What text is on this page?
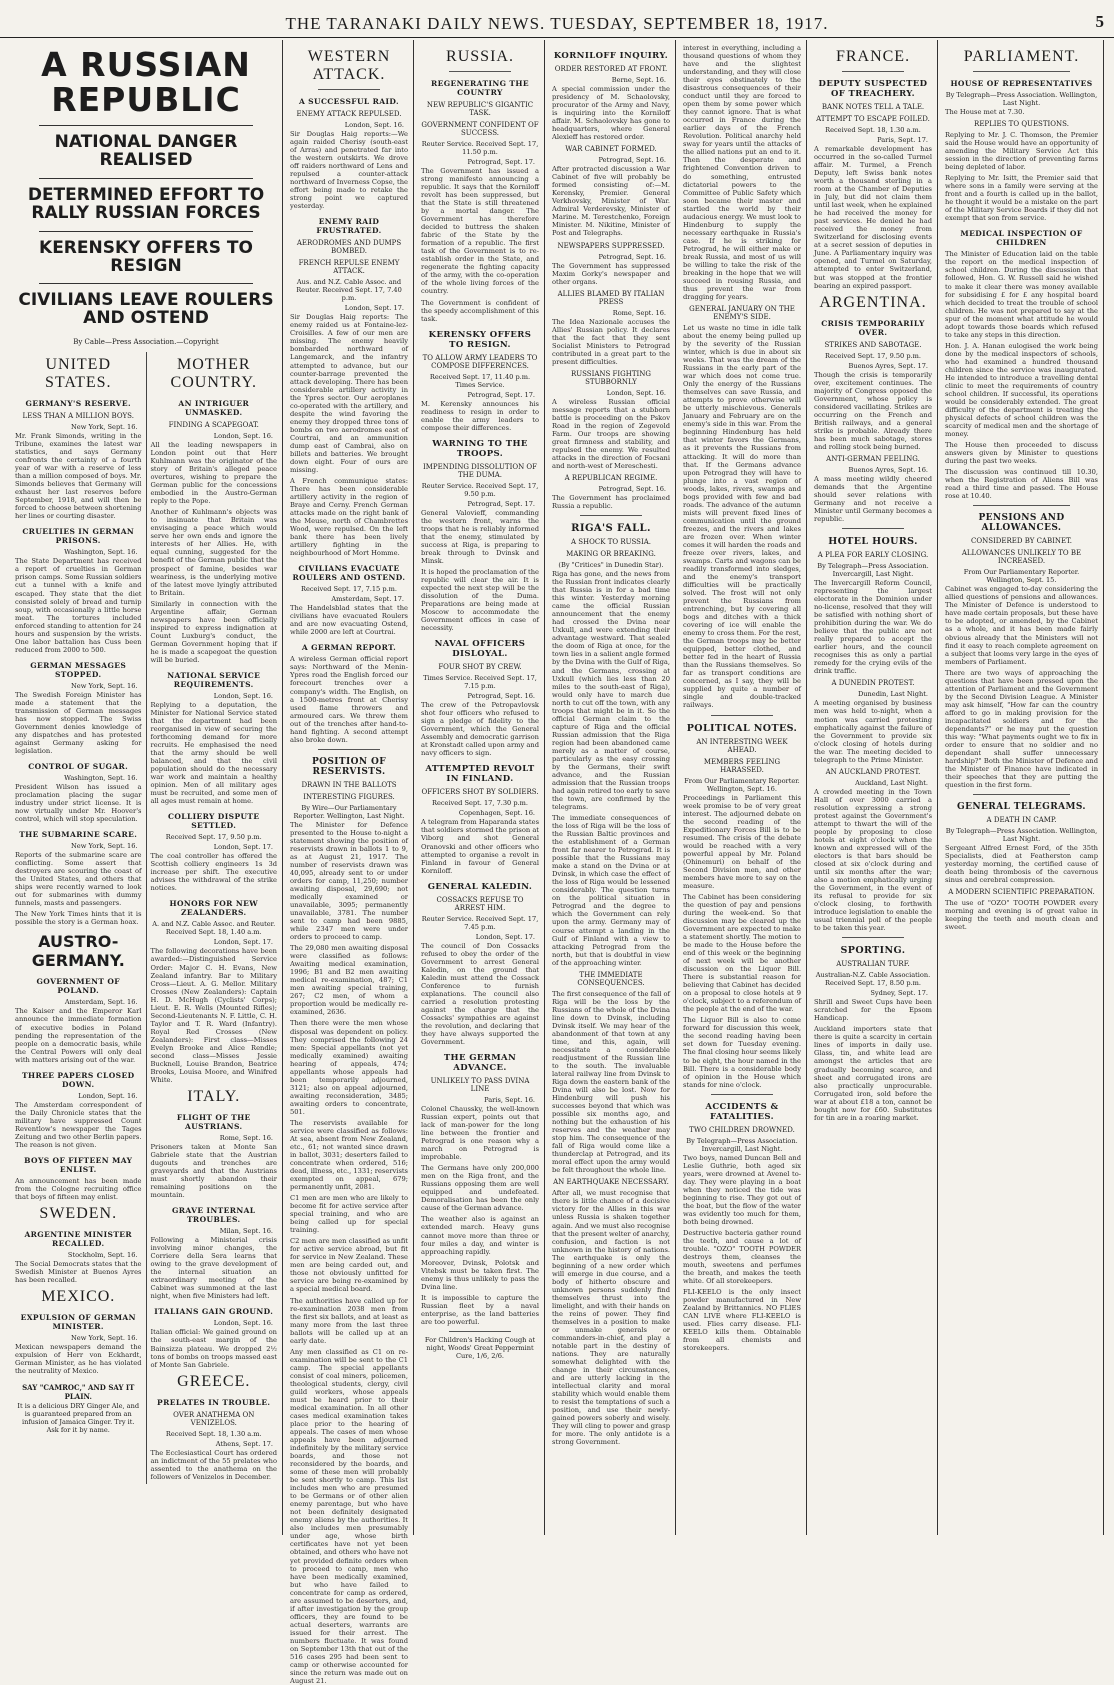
THE TARANAKI DAILY NEWS. TUESDAY, SEPTEMBER 18, 1917.	5
A RUSSIAN REPUBLIC
NATIONAL DANGER REALISED
DETERMINED EFFORT TO RALLY RUSSIAN FORCES
KERENSKY OFFERS TO RESIGN
CIVILIANS LEAVE ROULERS AND OSTEND
By Cable—Press Association.—Copyright
UNITED STATES.
GERMANY'S RESERVE.
LESS THAN A MILLION BOYS.
New York, Sept. 16.

Mr. Frank Simonds, writing in the Tribune, examines the latest war statistics, and says Germany confronts the certainty of a fourth year of war with a reserve of less than a million composed of boys. Mr. Simonds believes that Germany will exhaust her last reserves before September, 1918, and will then be forced to choose between shortening her lines or courting disaster.

CRUELTIES IN GERMAN PRISONS.
Washington, Sept. 16.

The State Department has received a report of cruelties in German prison camps. Some Russian soldiers cut a tunnel with a knife and escaped. They state that the diet consisted solely of bread and turnip soup, with occasionally a little horse meat. The tortures included enforced standing to attention for 24 hours and suspension by the wrists. One labor battalion has Cuss been reduced from 2000 to 500.

GERMAN MESSAGES STOPPED.
New York, Sept. 16.

The Swedish Foreign Minister has made a statement that the transmission of German messages has now stopped. The Swiss Government denies knowledge of any dispatches and has protested against Germany asking for legislation.

CONTROL OF SUGAR.
Washington, Sept. 16.

President Wilson has issued a proclamation placing the sugar industry under strict license. It is now virtually under Mr. Hoover's control, which will stop speculation.

THE SUBMARINE SCARE.
New York, Sept. 16.

Reports of the submarine scare are conflicting. Some assert that destroyers are scouring the coast of the United States, and others that ships were recently warned to look out for submarines with dummy funnels, masts and passengers.

The New York Times hints that it is possible the story is a German hoax.

AUSTRO-GERMANY.
GOVERNMENT OF POLAND.
Amsterdam, Sept. 16.

The Kaiser and the Emperor Karl announce the immediate formation of executive bodies in Poland pending the representation of the people on a democratic basis, while the Central Powers will only deal with matters arising out of the war.

THREE PAPERS CLOSED DOWN.
London, Sept. 16.

The Amsterdam correspondent of the Daily Chronicle states that the military have suppressed Count Reventlow's newspaper the Tages Zeitung and two other Berlin papers. The reason is not given.

BOYS OF FIFTEEN MAY ENLIST.

An announcement has been made from the Cologne recruiting office that boys of fifteen may enlist.

SWEDEN.
ARGENTINE MINISTER RECALLED.
Stockholm, Sept. 16.

The Social Democrats states that the Swedish Minister at Buenos Ayres has been recalled.

MEXICO.
EXPULSION OF GERMAN MINISTER.
New York, Sept. 16.

Mexican newspapers demand the expulsion of Herr von Eckhardt, German Minister, as he has violated the neutrality of Mexico.

SAY "CAMROC," AND SAY IT PLAIN.

It is a delicious DRY Ginger Ale, and is guaranteed prepared from an infusion of Jamaica Ginger. Try it. Ask for it by name.

MOTHER COUNTRY.
AN INTRIGUER UNMASKED.
FINDING A SCAPEGOAT.
London, Sept. 16.

All the leading newspapers in London point out that Herr Kuhlmann was the originator of the story of Britain's alleged peace overtures, wishing to prepare the German public for the concessions embodied in the Austro-German reply to the Pope.

Another of Kuhlmann's objects was to insinuate that Britain was envisaging a peace which would serve her own ends and ignore the interests of her Allies. He, with equal cunning, suggested for the benefit of the German public that the prospect of famine, besides war weariness, is the underlying motive of the latest move lyingly attributed to Britain.

Similarly in connection with the Argentine affair, German newspapers have been officially inspired to express indignation at Count Luxburg's conduct, the German Government hoping that if he is made a scapegoat the question will be buried.

NATIONAL SERVICE REQUIREMENTS.
London, Sept. 16.

Replying to a deputation, the Minister for National Service stated that the department had been reorganised in view of securing the forthcoming demand for more recruits. He emphasised the need that the army should be well balanced, and that the civil population should do the necessary war work and maintain a healthy opinion. Men of all military ages must be recruited, and some men of all ages must remain at home.

COLLIERY DISPUTE SETTLED.
Received Sept. 17, 9.50 p.m.
London, Sept. 17.

The coal controller has offered the Scottish colliery engineers 1s 3d increase per shift. The executive advises the withdrawal of the strike notices.

HONORS FOR NEW ZEALANDERS.
A. and N.Z. Cable Assoc. and Reuter. Received Sept. 18, 1.40 a.m.
London, Sept. 17.

The following decorations have been awarded:—Distinguished Service Order: Major C. H. Evans, New Zealand infantry. Bar to Military Cross—Lieut. A. G. Mellor. Military Crosses (New Zealanders): Captain H. D. McHugh (Cyclists' Corps); Lieut. E. R. Wells (Mounted Rifles); Second-Lieutenants N. F. Little, C. H. Taylor and T. R. Ward (Infantry). Royal Red Crosses (New Zealanders): First class—Misses Evelyn Brooke and Alice Rendle; second class—Misses Jessie Bucknell, Louise Brandon, Beatrice Brooks, Louisa Moore, and Winifred White.

ITALY.
FLIGHT OF THE AUSTRIANS.
Rome, Sept. 16.

Prisoners taken at Monte San Gabriele state that the Austrian dugouts and trenches are graveyards and that the Austrians must shortly abandon their remaining positions on the mountain.

GRAVE INTERNAL TROUBLES.
Milan, Sept. 16.

Following a Ministerial crisis involving minor changes, the Corriere della Sera learns that owing to the grave development of the internal situation an extraordinary meeting of the Cabinet was summoned at the last night, when five Ministers had left.

ITALIANS GAIN GROUND.
London, Sept. 16.

Italian official: We gained ground on the south-east margin of the Bainsizza plateau. We dropped 2½ tons of bombs on troops massed east of Monte San Gabriele.

GREECE.
PRELATES IN TROUBLE.
OVER ANATHEMA ON VENIZELOS.
Received Sept. 18, 1.30 a.m.
Athens, Sept. 17.

The Ecclesiastical Court has ordered an indictment of the 55 prelates who assented to the anathema on the followers of Venizelos in December.

WESTERN ATTACK.
A SUCCESSFUL RAID.
ENEMY ATTACK REPULSED.
London, Sept. 16.

Sir Douglas Haig reports:—We again raided Cherisy (south-east of Arras) and penetrated far into the western outskirts. We drove off raiders northward of Lens and repulsed a counter-attack northward of Inverness Copse, the effort being made to retake the strong point we captured yesterday.

ENEMY RAID FRUSTRATED.
AERODROMES AND DUMPS BOMBED.
FRENCH REPULSE ENEMY ATTACK.
Aus. and N.Z. Cable Assoc. and Reuter. Received Sept. 17, 7.40 p.m.
London, Sept. 17.

Sir Douglas Haig reports: The enemy raided us at Fontaine-lez-Croisilles. A few of our men are missing. The enemy heavily bombarded northward of Langemarck, and the infantry attempted to advance, but our counter-barrage prevented the attack developing. There has been considerable artillery activity in the Ypres sector. Our aeroplanes co-operated with the artillery, and despite the wind favoring the enemy they dropped three tons of bombs on two aerodromes east of Courtrai, and an ammunition dump east of Cambrai, also on billets and batteries. We brought down eight. Four of ours are missing.

A French communique states: There has been considerable artillery activity in the region of Braye and Cerny. French German attacks made on the right bank of the Meuse, north of Chambrettes Wood, were repulsed. On the left bank there has been lively artillery fighting in the neighbourhood of Mort Homme.

CIVILIANS EVACUATE ROULERS AND OSTEND.
Received Sept. 17, 7.15 p.m.
Amsterdam, Sept. 17.

The Handelsblad states that the civilians have evacuated Roulers and are now evacuating Ostend, while 2000 are left at Courtrai.

A GERMAN REPORT.

A wireless German official report says: Northward of the Menin-Ypres road the English forced our forecourt trenches over a company's width. The English, on a 1500-metres front at Cherisy used flame throwers and armoured cars. We threw them out of the trenches after hand-to-hand fighting. A second attempt also broke down.

POSITION OF RESERVISTS.
DRAWN IN THE BALLOTS
INTERESTING FIGURES.
By Wire—Our Parliamentary Reporter. Wellington, Last Night.

The Minister for Defence presented to the House to-night a statement showing the position of reservists drawn in ballots 1 to 9, as at August 21, 1917. The number of reservists drawn was 40,095, already sent to or under orders for camp, 11,250; number awaiting disposal, 29,690; not medically examined or unavailable, 3095; permanently unavailable, 3781. The number sent to camp had been 9885, while 2347 men were under orders to proceed to camp.

The 29,080 men awaiting disposal were classified as follows: Awaiting medical examination, 1996; B1 and B2 men awaiting medical re-examination, 487; C1 men awaiting special training, 267; C2 men, of whom a proportion would be medically re-examined, 2636.

Then there were the men whose disposal was dependent on policy. They comprised the following 24 men: Special appellants (not yet medically examined) awaiting hearing of appeals, 474; appellants whose appeals had been temporarily adjourned, 3121; also on appeal adjourned, awaiting reconsideration, 3485; awaiting orders to concentrate, 501.

The reservists available for service were classified as follows: At sea, absent from New Zealand, etc., 61; not wanted since drawn in ballot, 3031; deserters failed to concentrate when ordered, 516; dead, illness, etc., 1331; reservists exempted on appeal, 679; permanently unfit, 2081.

C1 men are men who are likely to become fit for active service after special training, and who are being called up for special training.

C2 men are men classified as unfit for active service abroad, but fit for service in New Zealand. These men are being carded out, and those not obviously unfitted for service are being re-examined by a special medical board.

The authorities have called up for re-examination 2038 men from the first six ballots, and at least as many more from the last three ballots will be called up at an early date.

Any men classified as C1 on re-examination will be sent to the C1 camp. The special appellants consist of coal miners, policemen, theological students, clergy, civil guild workers, whose appeals must be heard prior to their medical examination. In all other cases medical examination takes place prior to the hearing of appeals. The cases of men whose appeals have been adjourned indefinitely by the military service boards, and those not reconsidered by the boards, and some of these men will probably be sent shortly to camp. This list includes men who are presumed to be Germans or of other alien enemy parentage, but who have not been definitely designated enemy aliens by the authorities. It also includes men presumably under age, whose birth certificates have not yet been obtained, and others who have not yet provided definite orders when to proceed to camp, men who have been medically examined, but who have failed to concentrate for camp as ordered, are assumed to be deserters, and, if after investigation by the group officers, they are found to be actual deserters, warrants are issued for their arrest. The numbers fluctuate. It was found on September 13th that out of the 516 cases 295 had been sent to camp or otherwise accounted for since the return was made out on August 21.

RUSSIA.
REGENERATING THE COUNTRY
NEW REPUBLIC'S GIGANTIC TASK.
GOVERNMENT CONFIDENT OF SUCCESS.
Reuter Service. Received Sept. 17, 11.50 p.m.
Petrograd, Sept. 17.

The Government has issued a strong manifesto announcing a republic. It says that the Korniloff revolt has been suppressed, but that the State is still threatened by a mortal danger. The Government has therefore decided to buttress the shaken fabric of the State by the formation of a republic. The first task of the Government is to re-establish order in the State, and regenerate the fighting capacity of the army, with the co-operation of the whole living forces of the country.

The Government is confident of the speedy accomplishment of this task.

KERENSKY OFFERS TO RESIGN.
TO ALLOW ARMY LEADERS TO COMPOSE DIFFERENCES.
Received Sept. 17, 11.40 p.m. Times Service.
Petrograd, Sept. 17.

M. Kerensky announces his readiness to resign in order to enable the army leaders to compose their differences.

WARNING TO THE TROOPS.
IMPENDING DISSOLUTION OF THE DUMA.
Reuter Service. Received Sept. 17, 9.50 p.m.
Petrograd, Sept. 17.

General Valovieff, commanding the western front, warns the troops that he is reliably informed that the enemy, stimulated by success at Riga, is preparing to break through to Dvinsk and Minsk.

It is hoped the proclamation of the republic will clear the air. It is expected the next step will be the dissolution of the Duma. Preparations are being made at Moscow to accommodate the Government offices in case of necessity.

NAVAL OFFICERS DISLOYAL.
FOUR SHOT BY CREW.
Times Service. Received Sept. 17, 7.15 p.m.
Petrograd, Sept. 16.

The crew of the Petropavlovsk shot four officers who refused to sign a pledge of fidelity to the Government, which the General Assembly and democratic garrison at Kronstadt called upon army and navy officers to sign.

ATTEMPTED REVOLT IN FINLAND.
OFFICERS SHOT BY SOLDIERS.
Received Sept. 17, 7.30 p.m.
Copenhagen, Sept. 16.

A telegram from Haparanda states that soldiers stormed the prison at Viborg and shot General Oranovski and other officers who attempted to organise a revolt in Finland in favour of General Korniloff.

GENERAL KALEDIN.
COSSACKS REFUSE TO ARREST HIM.
Reuter Service. Received Sept. 17, 7.45 p.m.
London, Sept. 17.

The council of Don Cossacks refused to obey the order of the Government to arrest General Kaledin, on the ground that Kaledin must attend the Cossack Conference to furnish explanations. The council also carried a resolution protesting against the charge that the Cossacks' sympathies are against the revolution, and declaring that they have always supported the Government.

THE GERMAN ADVANCE.
UNLIKELY TO PASS DVINA LINE
Paris, Sept. 16.

Colonel Chaussky, the well-known Russian expert, points out that lack of man-power for the long line between the frontier and Petrograd is one reason why a march on Petrograd is improbable.

The Germans have only 200,000 men on the Riga front, and the Russians opposing them are well equipped and undefeated. Demoralisation has been the only cause of the German advance.

The weather also is against an extended march. Heavy guns cannot move more than three or four miles a day, and winter is approaching rapidly.

Moreover, Dvinsk, Polotsk and Vitebsk must be taken first. The enemy is thus unlikely to pass the Dvina line.

It is impossible to capture the Russian fleet by a naval enterprise, as the land batteries are too powerful.

For Children's Hacking Cough at night, Woods' Great Peppermint Cure, 1/6, 2/6.

KORNILOFF INQUIRY.
ORDER RESTORED AT FRONT.
Berne, Sept. 16.

A special commission under the presidency of M. Schaolovsky, procurator of the Army and Navy, is inquiring into the Korniloff affair. M. Schaolovsky has gone to headquarters, where General Alexieff has restored order.

WAR CABINET FORMED.
Petrograd, Sept. 16.

After protracted discussion a War Cabinet of five will probably be formed consisting of:—M. Kerensky, Premier. General Verkhovsky, Minister of War. Admiral Verderevsky, Minister of Marine. M. Terestchenko, Foreign Minister. M. Nikitine, Minister of Post and Telegraphs.

NEWSPAPERS SUPPRESSED.
Petrograd, Sept. 16.

The Government has suppressed Maxim Gorky's newspaper and other organs.

ALLIES BLAMED BY ITALIAN PRESS
Rome, Sept. 16.

The Idea Nazionale accuses the Allies' Russian policy. It declares that the fact that they sent Socialist Ministers to Petrograd contributed in a great part to the present difficulties.

RUSSIANS FIGHTING STUBBORNLY
London, Sept. 16.

A wireless Russian official message reports that a stubborn battle is proceeding on the Pskov Road in the region of Zegevold Farm. Our troops are showing great firmness and stability, and repulsed the enemy. We resulted attacks in the direction of Focsani and north-west of Mereschesti.

A REPUBLICAN REGIME.
Petrograd, Sept. 16.

The Government has proclaimed Russia a republic.

RIGA'S FALL.
A SHOCK TO RUSSIA.
MAKING OR BREAKING.
(By "Critices" in Dunedin Star).

Riga has gone, and the news from the Russian front indicates clearly that Russia is in for a bad time this winter. Yesterday morning came the official Russian announcement that the enemy had crossed the Dvina near Uxkull, and were extending their advantage westward. That sealed the doom of Riga at once, for the town lies in a salient angle formed by the Dvina with the Gulf of Riga, and the Germans, crossing at Uxkull (which lies less than 20 miles to the south-east of Riga), would only have to march due north to cut off the town, with any troops that might be in it. So the official German claim to the capture of Riga and the official Russian admission that the Riga region had been abandoned came merely as a matter of course, particularly as the easy crossing by the Germans, their swift advance, and the Russian admission that the Russian troops had again retired too early to save the town, are confirmed by the telegrams.

The immediate consequences of the loss of Riga will be the loss of the Russian Baltic provinces and the establishment of a German front far nearer to Petrograd. It is possible that the Russians may make a stand on the Dvina or at Dvinsk, in which case the effect of the loss of Riga would be lessened considerably. The question turns on the political situation in Petrograd and the degree to which the Government can rely upon the army. Germany may of course attempt a landing in the Gulf of Finland with a view to attacking Petrograd from the north, but that is doubtful in view of the approaching winter.

THE IMMEDIATE CONSEQUENCES.

The first consequence of the fall of Riga will be the loss by the Russians of the whole of the Dvina line down to Dvinsk, including Dvinsk itself. We may hear of the abandonment of that town at any time, and this, again, will necessitate a considerable readjustment of the Russian line to the south. The invaluable lateral railway line from Dvinsk to Riga down the eastern bank of the Dvina will also be lost. Now for Hindenburg will push his successes beyond that which was possible six months ago, and nothing but the exhaustion of his reserves and the weather may stop him. The consequence of the fall of Riga would come like a thunderclap at Petrograd, and its moral effect upon the army would be felt throughout the whole line.

AN EARTHQUAKE NECESSARY.

After all, we must recognise that there is little chance of a decisive victory for the Allies in this war unless Russia is shaken together again. And we must also recognise that the present welter of anarchy, confusion, and faction is not unknown in the history of nations. The earthquake is only the beginning of a new order which will emerge in due course, and a body of hitherto obscure and unknown persons suddenly find themselves thrust into the limelight, and with their hands on the reins of power. They find themselves in a position to make or unmake generals or commanders-in-chief, and play a notable part in the destiny of nations. They are naturally somewhat delighted with the change in their circumstances, and are utterly lacking in the intellectual clarity and moral stability which would enable them to resist the temptations of such a position, and use their newly-gained powers soberly and wisely. They will cling to power and grasp for more. The only antidote is a strong Government.

interest in everything, including a thousand questions of whom they have and the slightest understanding, and they will close their eyes obstinately to the disastrous consequences of their conduct until they are forced to open them by some power which they cannot ignore. That is what occurred in France during the earlier days of the French Revolution. Political anarchy held sway for years until the attacks of the allied nations put an end to it. Then the desperate and frightened Convention driven to do something, entrusted dictatorial powers to the Committee of Public Safety which soon became their master and startled the world by their audacious energy. We must look to Hindenburg to supply the necessary earthquake in Russia's case. If he is striking for Petrograd, he will either make or break Russia, and most of us will be willing to take the risk of the breaking in the hope that we will succeed in rousing Russia, and thus prevent the war from dragging for years.

GENERAL JANUARY ON THE ENEMY'S SIDE.

Let us waste no time in idle talk about the enemy being pulled up by the severity of the Russian winter, which is due in about six weeks. That was the dream of the Russians in the early part of the war which does not come true. Only the energy of the Russians themselves can save Russia, and attempts to prove otherwise will be utterly mischievous. Generals January and February are on the enemy's side in this war. From the beginning Hindenburg has held that winter favors the Germans, as it prevents the Russians from attacking. It will do more than that. If the Germans advance upon Petrograd they will have to plunge into a vast region of woods, lakes, rivers, swamps and bogs provided with few and bad roads. The advance of the autumn mists will prevent fixed lines of communication until the ground freezes, and the rivers and lakes are frozen over. When winter comes it will harden the roads and freeze over rivers, lakes, and swamps. Carts and wagons can be readily transformed into sledges, and the enemy's transport difficulties will be practically solved. The frost will not only prevent the Russians from entrenching, but by covering all bogs and ditches with a thick covering of ice will enable the enemy to cross them. For the rest, the German troops may be better equipped, better clothed, and better fed in the heart of Russia than the Russians themselves. So far as transport conditions are concerned, as I say, they will be supplied by quite a number of single and double-tracked railways.

POLITICAL NOTES.
AN INTERESTING WEEK AHEAD.
MEMBERS FEELING HARASSED.
From Our Parliamentary Reporter. Wellington, Sept. 16.

Proceedings in Parliament this week promise to be of very great interest. The adjourned debate on the second reading of the Expeditionary Forces Bill is to be resumed. The crisis of the debate would be reached with a very powerful appeal by Mr. Poland (Ohinemuri) on behalf of the Second Division men, and other members have more to say on the measure.

The Cabinet has been considering the question of pay and pensions during the week-end. So that discussion may be cleared up the Government are expected to make a statement shortly. The motion to be made to the House before the end of this week or the beginning of next week will be another discussion on the Liquor Bill. There is substantial reason for believing that Cabinet has decided on a proposal to close hotels at 9 o'clock, subject to a referendum of the people at the end of the war.

The Liquor Bill is also to come forward for discussion this week, the second reading having been set down for Tuesday evening. The final closing hour seems likely to be eight, the hour named in the Bill. There is a considerable body of opinion in the House which stands for nine o'clock.

ACCIDENTS & FATALITIES.
TWO CHILDREN DROWNED.
By Telegraph—Press Association. Invercargill, Last Night.

Two boys, named Duncan Bell and Leslie Guthrie, both aged six years, were drowned at Avenel to-day. They were playing in a boat when they noticed the tide was beginning to rise. They got out of the boat, but the flow of the water was evidently too much for them, both being drowned.

Destructive bacteria gather round the teeth, and cause a lot of trouble. "OZO" TOOTH POWDER destroys them, cleanses the mouth, sweetens and perfumes the breath, and makes the teeth white. Of all storekeepers.

FLI-KEELO is the only insect powder manufactured in New Zealand by Brittannics. NO FLIES CAN LIVE where FLI-KEELO is used. Flies carry disease. FLI-KEELO kills them. Obtainable from all chemists and storekeepers.

FRANCE.
DEPUTY SUSPECTED OF TREACHERY.
BANK NOTES TELL A TALE.
ATTEMPT TO ESCAPE FOILED.
Received Sept. 18, 1.30 a.m.
Paris, Sept. 17.

A remarkable development has occurred in the so-called Turmel affair. M. Turmel, a French Deputy, left Swiss bank notes worth a thousand sterling in a room at the Chamber of Deputies in July, but did not claim them until last week, when he explained he had received the money for past services. He denied he had received the money from Switzerland for disclosing events at a secret session of deputies in June. A Parliamentary inquiry was opened, and Turmel on Saturday, attempted to enter Switzerland, but was stopped at the frontier bearing an expired passport.

ARGENTINA.
CRISIS TEMPORARILY OVER.
STRIKES AND SABOTAGE.
Received Sept. 17, 9.50 p.m.
Buenos Ayres, Sept. 17.

Though the crisis is temporarily over, excitement continues. The majority of Congress opposed the Government, whose policy is considered vacillating. Strikes are occurring on the French and British railways, and a general strike is probable. Already there has been much sabotage, stores and rolling stock being burned.

ANTI-GERMAN FEELING.
Buenos Ayres, Sept. 16.

A mass meeting wildly cheered demands that the Argentine should sever relations with Germany and not receive a Minister until Germany becomes a republic.

HOTEL HOURS.
A PLEA FOR EARLY CLOSING.
By Telegraph—Press Association. Invercargill, Last Night.

The Invercargill Reform Council, representing the largest electorate in the Dominion under no-license, resolved that they will be satisfied with nothing short of prohibition during the war. We do believe that the public are not really prepared to accept the earlier hours, and the council recognises this as only a partial remedy for the crying evils of the drink traffic.

A DUNEDIN PROTEST.
Dunedin, Last Night.

A meeting organised by business men was held to-night, when a motion was carried protesting emphatically against the failure of the Government to provide six o'clock closing of hotels during the war. The meeting decided to telegraph to the Prime Minister.

AN AUCKLAND PROTEST.
Auckland, Last Night.

A crowded meeting in the Town Hall of over 3000 carried a resolution expressing a strong protest against the Government's attempt to thwart the will of the people by proposing to close hotels at eight o'clock when the known and expressed will of the electors is that bars should be closed at six o'clock during and until six months after the war; also a motion emphatically urging the Government, in the event of its refusal to provide for six o'clock closing, to forthwith introduce legislation to enable the usual triennial poll of the people to be taken this year.

SPORTING.
AUSTRALIAN TURF.
Australian-N.Z. Cable Association. Received Sept. 17, 8.50 p.m.
Sydney, Sept. 17.

Shrill and Sweet Cups have been scratched for the Epsom Handicap.

Auckland importers state that there is quite a scarcity in certain lines of imports in daily use. Glass, tin, and white lead are amongst the articles that are gradually becoming scarce, and sheet and corrugated irons are also practically unprocurable. Corrugated iron, sold before the war at about £18 a ton, cannot be bought now for £60. Substitutes for tin are in a roaring market.

PARLIAMENT.
HOUSE OF REPRESENTATIVES
By Telegraph—Press Association. Wellington, Last Night.

The House met at 7.30.

REPLIES TO QUESTIONS.

Replying to Mr. J. C. Thomson, the Premier said the House would have an opportunity of amending the Military Service Act this session in the direction of preventing farms being depleted of labor.

Replying to Mr. Isitt, the Premier said that where sons in a family were serving at the front and a fourth is called up in the ballot, he thought it would be a mistake on the part of the Military Service Boards if they did not exempt that son from service.

MEDICAL INSPECTION OF CHILDREN

The Minister of Education laid on the table the report on the medical inspection of school children. During the discussion that followed, Hon. G. W. Russell said he wished to make it clear there was money available for subsidising £ for £ any hospital board which decided to treat the trouble of school children. He was not prepared to say at the spur of the moment what attitude he would adopt towards those boards which refused to take any steps in this direction.

Hon. J. A. Hanan eulogised the work being done by the medical inspectors of schools, who had examined a hundred thousand children since the service was inaugurated. He intended to introduce a travelling dental clinic to meet the requirements of country school children. If successful, its operations would be considerably extended. The great difficulty of the department is treating the physical defects of school children was the scarcity of medical men and the shortage of money.

The House then proceeded to discuss answers given by Minister to questions during the past two weeks.

The discussion was continued till 10.30, when the Registration of Aliens Bill was read a third time and passed. The House rose at 10.40.

PENSIONS AND ALLOWANCES.
CONSIDERED BY CABINET.
ALLOWANCES UNLIKELY TO BE INCREASED.
From Our Parliamentary Reporter. Wellington, Sept. 15.

Cabinet was engaged to-day considering the allied questions of pensions and allowances. The Minister of Defence is understood to have made certain proposals, but these have to be adopted, or amended, by the Cabinet as a whole, and it has been made fairly obvious already that the Ministers will not find it easy to reach complete agreement on a subject that looms very large in the eyes of members of Parliament.

There are two ways of approaching the questions that have been pressed upon the attention of Parliament and the Government by the Second Division League. A Minister may ask himself, "How far can the country afford to go in making provision for the incapacitated soldiers and for the dependants?" or he may put the question this way: "What payments ought we to fix in order to ensure that no soldier and no dependant shall suffer unnecessary hardship?" Both the Minister of Defence and the Minister of Finance have indicated in their speeches that they are putting the question in the first form.

GENERAL TELEGRAMS.
A DEATH IN CAMP.
By Telegraph—Press Association. Wellington, Last Night.

Sergeant Alfred Ernest Ford, of the 35th Specialists, died at Featherston camp yesterday morning, the certified cause of death being thrombosis of the cavernous sinus and cerebral compression.

A MODERN SCIENTIFIC PREPARATION.

The use of "OZO" TOOTH POWDER every morning and evening is of great value in keeping the teeth and mouth clean and sweet.
